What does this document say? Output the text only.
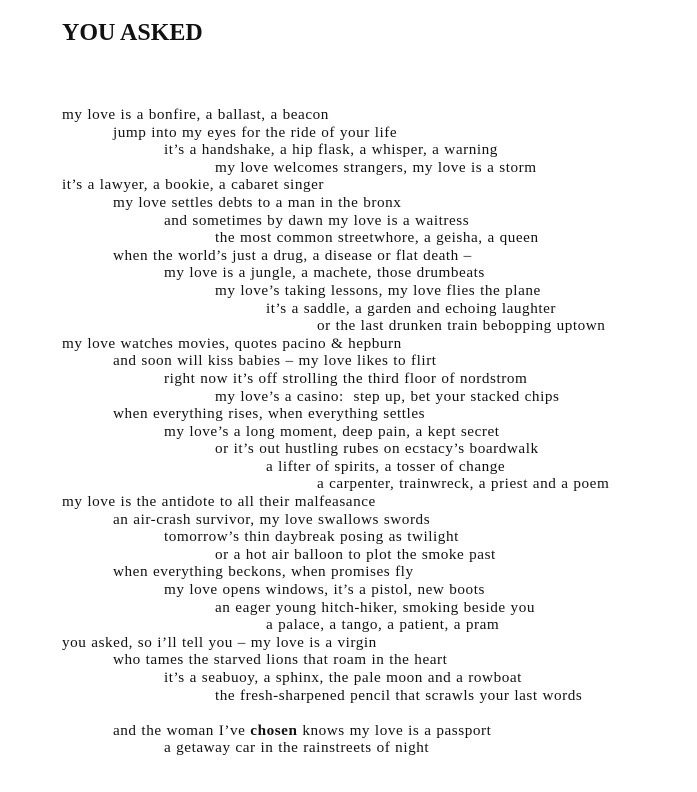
YOU ASKED
my love is a bonfire, a ballast, a beacon
jump into my eyes for the ride of your life
it’s a handshake, a hip flask, a whisper, a warning
my love welcomes strangers, my love is a storm
it’s a lawyer, a bookie, a cabaret singer
my love settles debts to a man in the bronx
and sometimes by dawn my love is a waitress
the most common streetwhore, a geisha, a queen
when the world’s just a drug, a disease or flat death –
my love is a jungle, a machete, those drumbeats
my love’s taking lessons, my love flies the plane
it’s a saddle, a garden and echoing laughter
or the last drunken train bebopping uptown
my love watches movies, quotes pacino & hepburn
and soon will kiss babies – my love likes to flirt
right now it’s off strolling the third floor of nordstrom
my love’s a casino:  step up, bet your stacked chips
when everything rises, when everything settles
my love’s a long moment, deep pain, a kept secret
or it’s out hustling rubes on ecstacy’s boardwalk
a lifter of spirits, a tosser of change
a carpenter, trainwreck, a priest and a poem
my love is the antidote to all their malfeasance
an air-crash survivor, my love swallows swords
tomorrow’s thin daybreak posing as twilight
or a hot air balloon to plot the smoke past
when everything beckons, when promises fly
my love opens windows, it’s a pistol, new boots
an eager young hitch-hiker, smoking beside you
a palace, a tango, a patient, a pram
you asked, so i’ll tell you – my love is a virgin
who tames the starved lions that roam in the heart
it’s a seabuoy, a sphinx, the pale moon and a rowboat
the fresh-sharpened pencil that scrawls your last words
and the woman I’ve chosen knows my love is a passport
a getaway car in the rainstreets of night
